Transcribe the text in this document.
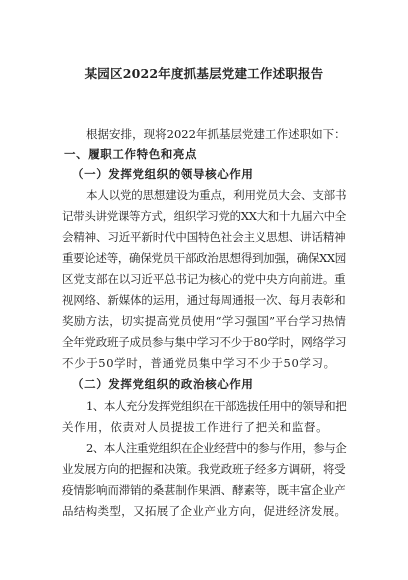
某园区2022年度抓基层党建工作述职报告
根据安排，现将2022年抓基层党建工作述职如下：
一、履职工作特色和亮点
（一）发挥党组织的领导核心作用
本人以党的思想建设为重点，利用党员大会、支部书
记带头讲党课等方式，组织学习党的XX大和十九届六中全
会精神、习近平新时代中国特色社会主义思想、讲话精神
重要论述等，确保党员干部政治思想得到加强，确保XX园
区党支部在以习近平总书记为核心的党中央方向前进。重
视网络、新媒体的运用，通过每周通报一次、每月表彰和
奖励方法，切实提高党员使用“学习强国”平台学习热情
全年党政班子成员参与集中学习不少于80学时，网络学习
不少于50学时，普通党员集中学习不少于50学习。
（二）发挥党组织的政治核心作用
1、本人充分发挥党组织在干部选拔任用中的领导和把
关作用，依责对人员提拔工作进行了把关和监督。
2、本人注重党组织在企业经营中的参与作用，参与企
业发展方向的把握和决策。我党政班子经多方调研，将受
疫情影响而滞销的桑葚制作果酒、酵素等，既丰富企业产
品结构类型，又拓展了企业产业方向，促进经济发展。
